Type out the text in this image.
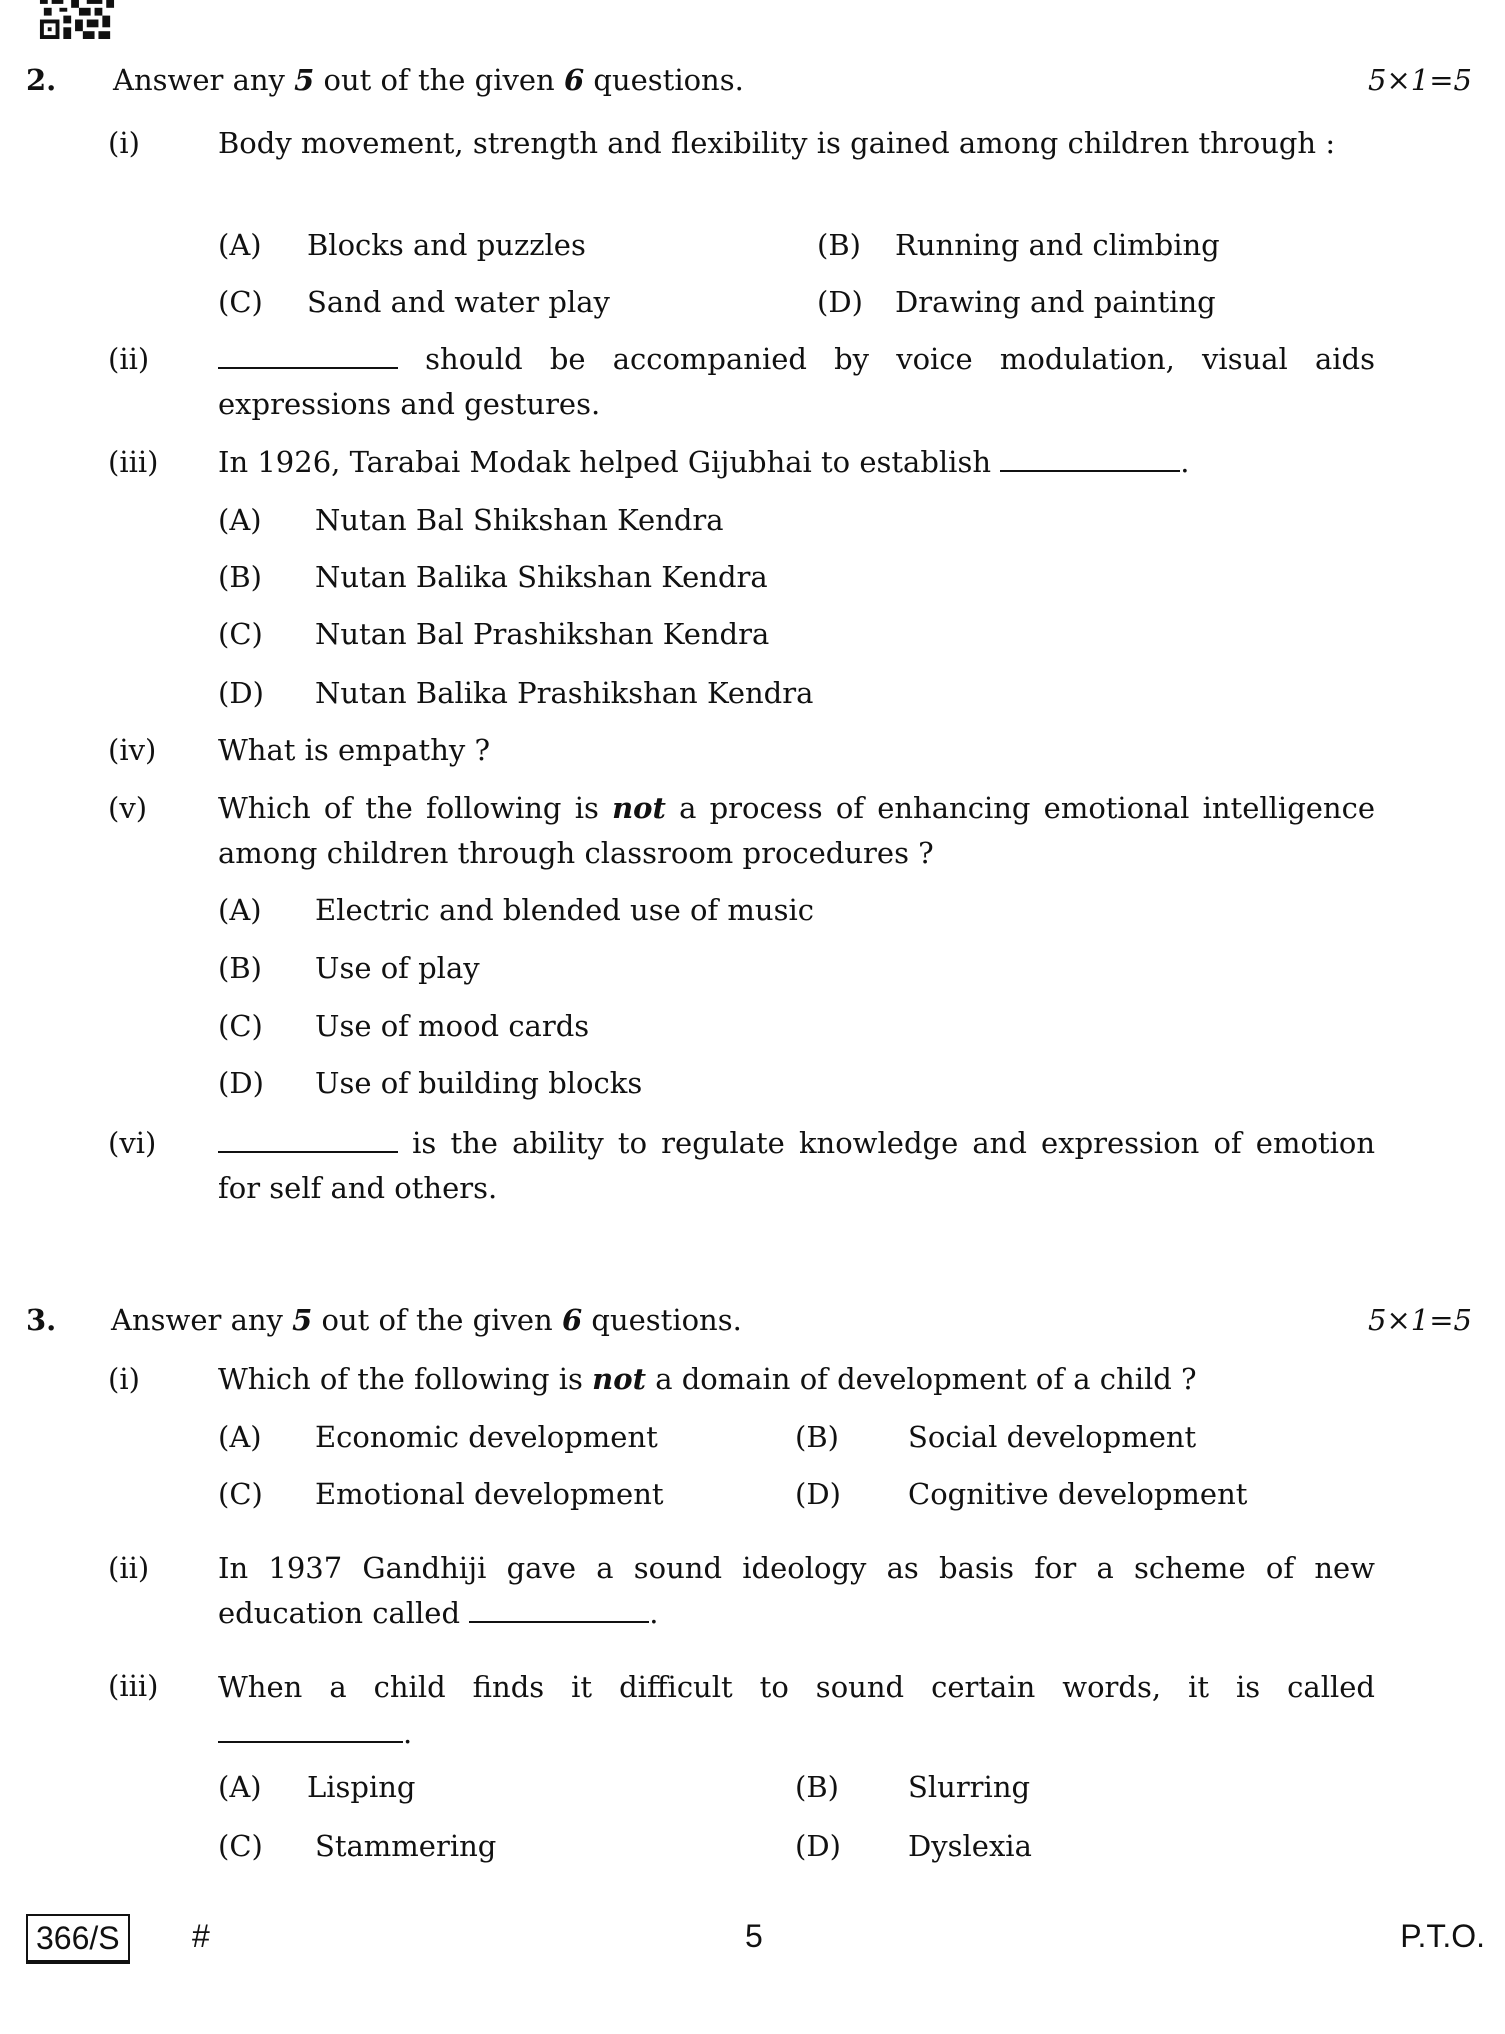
2. Answer any 5 out of the given 6 questions.	5×1=5
(i)	Body movement, strength and flexibility is gained among children through :
(A) Blocks and puzzles	(B) Running and climbing
(C) Sand and water play	(D) Drawing and painting
(ii)	should be accompanied by voice modulation, visual aids expressions and gestures.
(iii) In 1926, Tarabai Modak helped Gijubhai to establish	.
(A) Nutan Bal Shikshan Kendra
(B) Nutan Balika Shikshan Kendra
(C) Nutan Bal Prashikshan Kendra
(D) Nutan Balika Prashikshan Kendra
(iv) What is empathy ?
(v) Which of the following is not a process of enhancing emotional intelligence among children through classroom procedures ?
(A) Electric and blended use of music
(B) Use of play
(C) Use of mood cards
(D) Use of building blocks
(vi)	is the ability to regulate knowledge and expression of emotion for self and others.
3. Answer any 5 out of the given 6 questions.	5×1=5
(i)	Which of the following is not a domain of development of a child ?
(A) Economic development	(B) Social development
(C) Emotional development	(D) Cognitive development
(ii) In 1937 Gandhiji gave a sound ideology as basis for a scheme of new education called	.
(iii) When a child finds it difficult to sound certain words, it is called
.
(A) Lisping	(B) Slurring
(C) Stammering	(D) Dyslexia
366/S	#	5	P.T.O.
